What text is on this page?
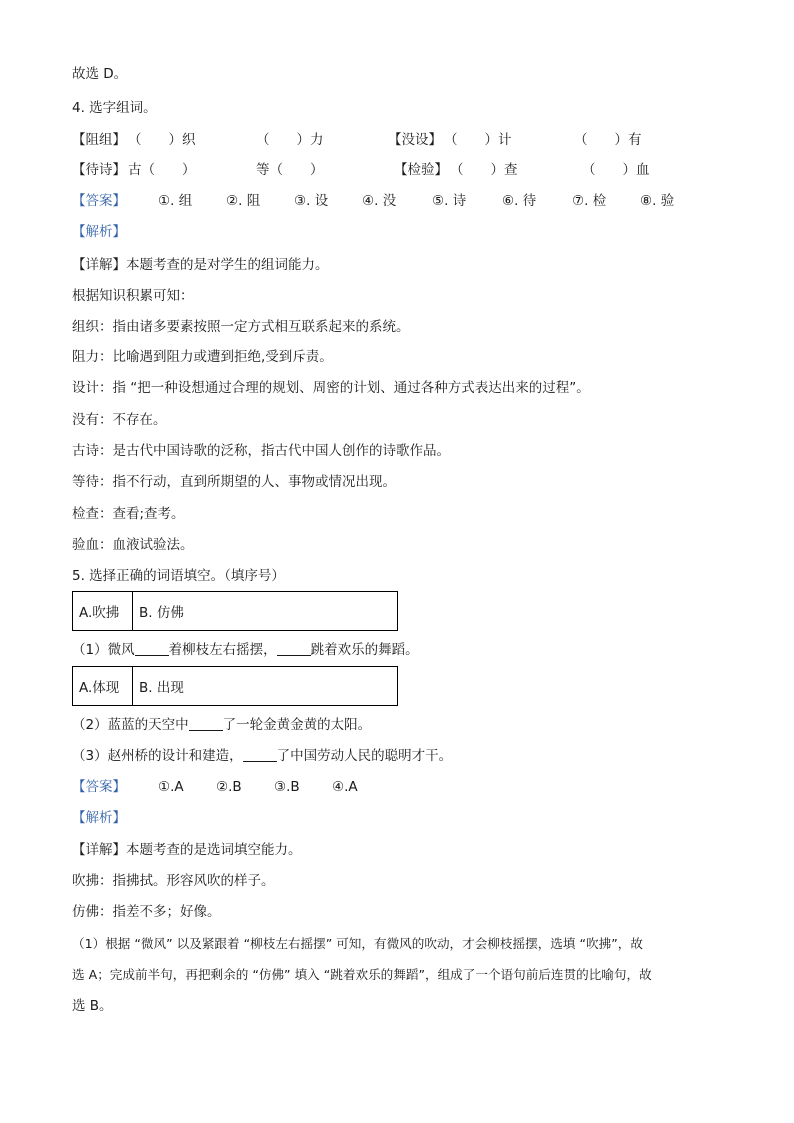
故选 D。
4. 选字组词。
【阻组】 （　　）织	（　　）力	【没设】 （　　）计	（　　）有
【待诗】 古（　　）	等（　　）	【检验】 （　　）查	（　　）血
【答案】 ①. 组	②. 阻	③. 设	④. 没	⑤. 诗	⑥. 待	⑦. 检	⑧. 验
【解析】
【详解】本题考查的是对学生的组词能力。
根据知识积累可知：
组织：指由诸多要素按照一定方式相互联系起来的系统。
阻力：比喻遇到阻力或遭到拒绝,受到斥责。
设计：指 “把一种设想通过合理的规划、周密的计划、通过各种方式表达出来的过程”。
没有：不存在。
古诗：是古代中国诗歌的泛称，指古代中国人创作的诗歌作品。
等待：指不行动，直到所期望的人、事物或情况出现。
检查：查看;查考。
验血：血液试验法。
5. 选择正确的词语填空。（填序号）
A.吹拂	B. 仿佛
（1）微风	着柳枝左右摇摆，	跳着欢乐的舞蹈。
A.体现	B. 出现
（2）蓝蓝的天空中	了一轮金黄金黄的太阳。
（3）赵州桥的设计和建造，	了中国劳动人民的聪明才干。
【答案】 ①.A ②.B ③.B ④.A
【解析】
【详解】本题考查的是选词填空能力。
吹拂：指拂拭。形容风吹的样子。
仿佛：指差不多；好像。
（1）根据 “微风” 以及紧跟着 “柳枝左右摇摆” 可知，有微风的吹动，才会柳枝摇摆，选填 “吹拂”，故
选 A；完成前半句，再把剩余的 “仿佛” 填入 “跳着欢乐的舞蹈”，组成了一个语句前后连贯的比喻句，故
选 B。
